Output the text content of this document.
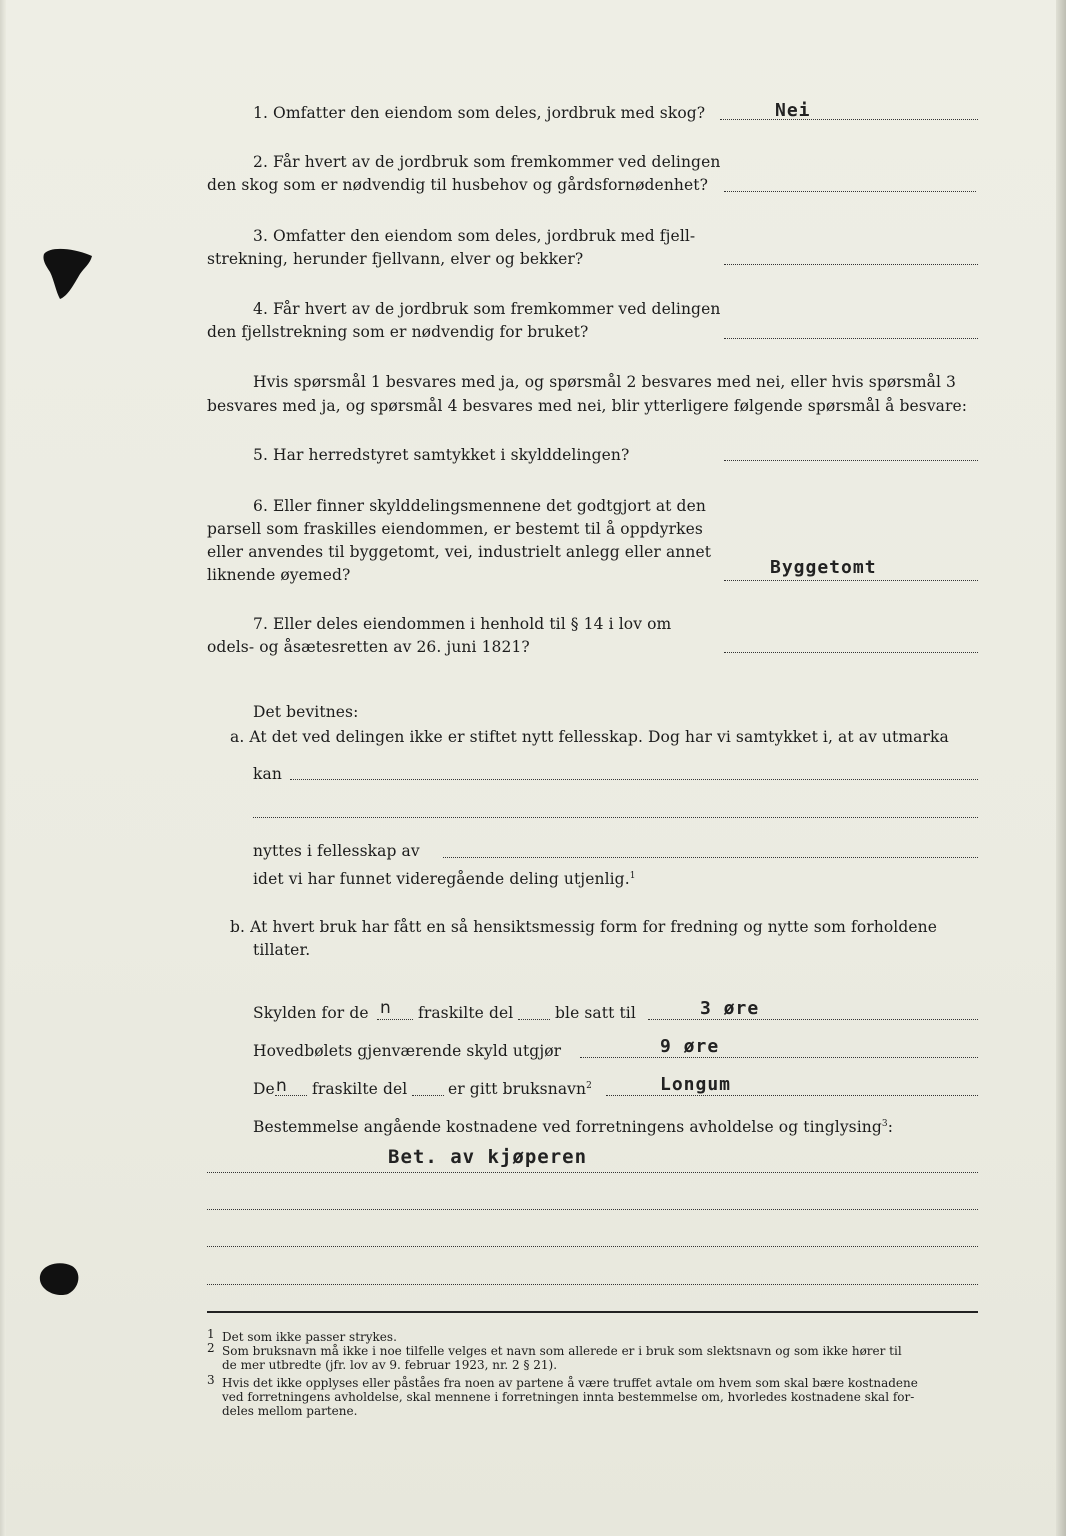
1. Omfatter den eiendom som deles, jordbruk med skog?	Nei
2. Får hvert av de jordbruk som fremkommer ved delingen
den skog som er nødvendig til husbehov og gårdsfornødenhet?
3. Omfatter den eiendom som deles, jordbruk med fjell-
strekning, herunder fjellvann, elver og bekker?
4. Får hvert av de jordbruk som fremkommer ved delingen
den fjellstrekning som er nødvendig for bruket?
Hvis spørsmål 1 besvares med ja, og spørsmål 2 besvares med nei, eller hvis spørsmål 3
besvares med ja, og spørsmål 4 besvares med nei, blir ytterligere følgende spørsmål å besvare:
5. Har herredstyret samtykket i skylddelingen?
6. Eller finner skylddelingsmennene det godtgjort at den
parsell som fraskilles eiendommen, er bestemt til å oppdyrkes
eller anvendes til byggetomt, vei, industrielt anlegg eller annet
liknende øyemed?	Byggetomt
7. Eller deles eiendommen i henhold til § 14 i lov om
odels- og åsætesretten av 26. juni 1821?
Det bevitnes:
a. At det ved delingen ikke er stiftet nytt fellesskap. Dog har vi samtykket i, at av utmarka
kan
nyttes i fellesskap av
idet vi har funnet videregående deling utjenlig.$^1$
b. At hvert bruk har fått en så hensiktsmessig form for fredning og nytte som forholdene
tillater.
Skylden for de n fraskilte del	ble satt til	3 øre
Hovedbølets gjenværende skyld utgjør	9 øre
De n fraskilte del	er gitt bruksnavn$^2$	Longum
Bestemmelse angående kostnadene ved forretningens avholdelse og tinglysing$^3$:
Bet. av kjøperen
1 Det som ikke passer strykes.
2 Som bruksnavn må ikke i noe tilfelle velges et navn som allerede er i bruk som slektsnavn og som ikke hører til
de mer utbredte (jfr. lov av 9. februar 1923, nr. 2 § 21).
3 Hvis det ikke opplyses eller påståes fra noen av partene å være truffet avtale om hvem som skal bære kostnadene
ved forretningens avholdelse, skal mennene i forretningen innta bestemmelse om, hvorledes kostnadene skal for-
deles mellom partene.
